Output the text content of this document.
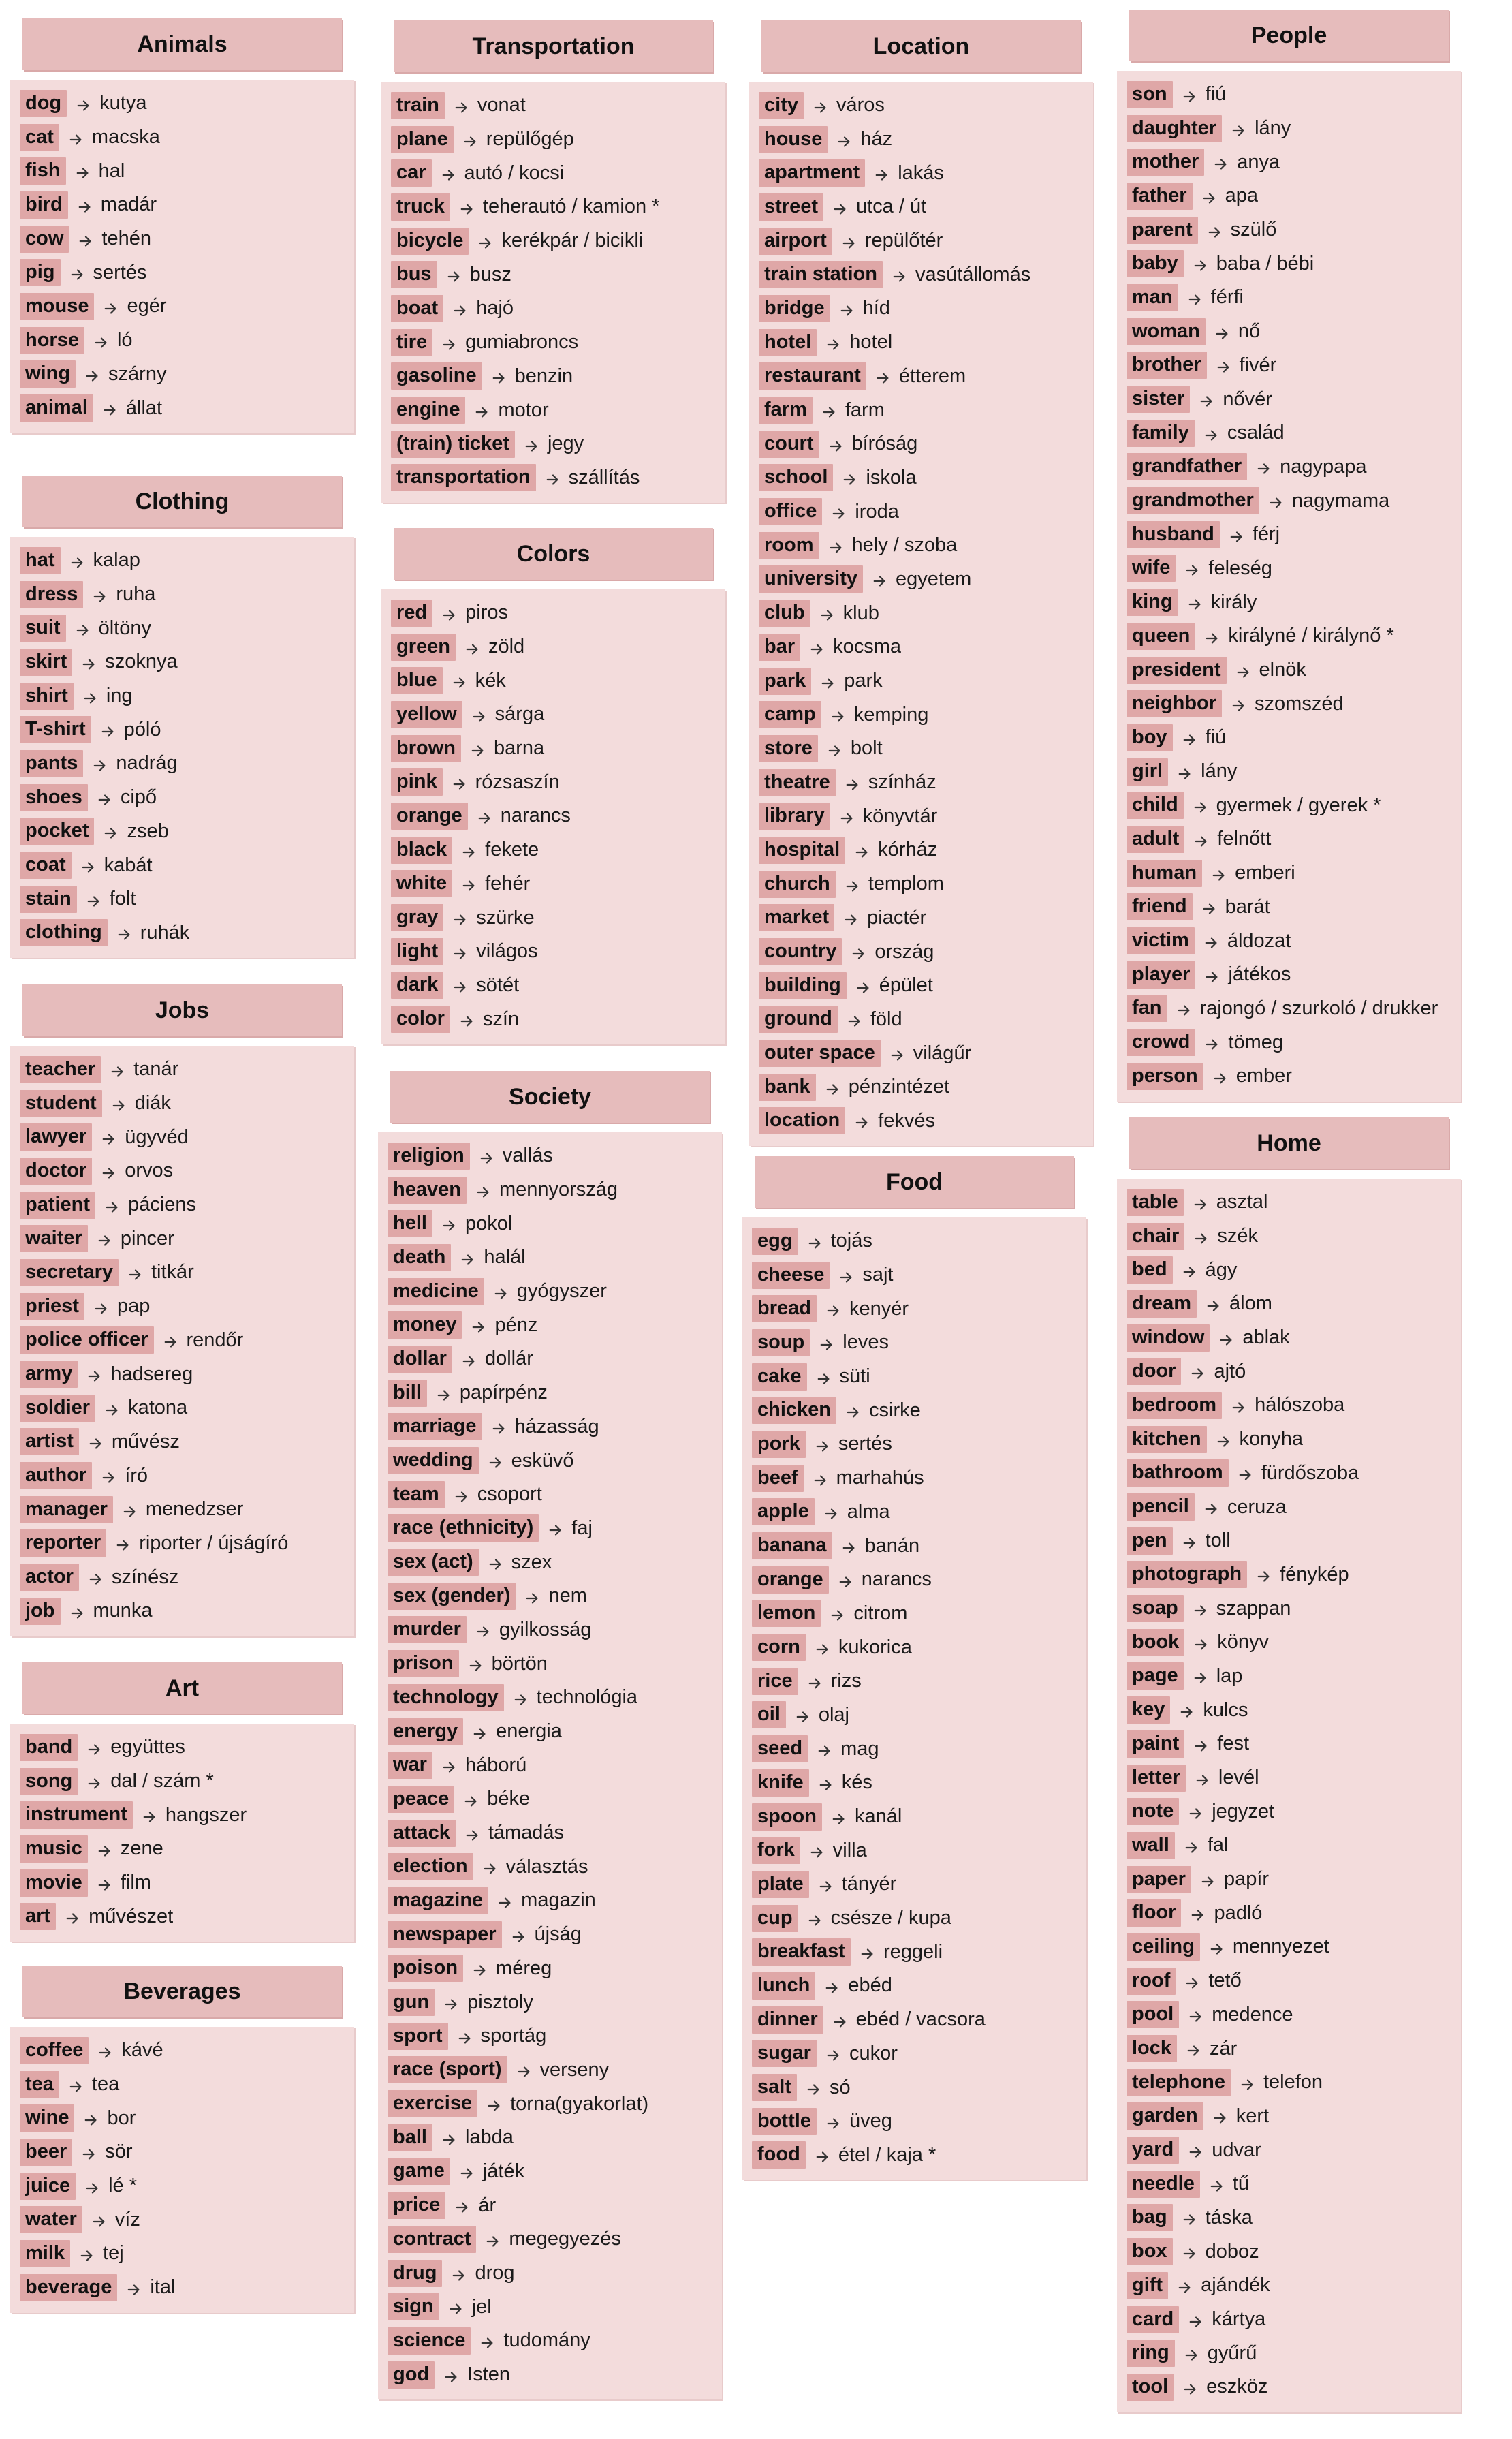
Animals
dog kutya
cat macska
fish hal
bird madár
cow tehén
pig sertés
mouse egér
horse ló
wing szárny
animal állat
Clothing
hat kalap
dress ruha
suit öltöny
skirt szoknya
shirt ing
T-shirt póló
pants nadrág
shoes cipő
pocket zseb
coat kabát
stain folt
clothing ruhák
Jobs
teacher tanár
student diák
lawyer ügyvéd
doctor orvos
patient páciens
waiter pincer
secretary titkár
priest pap
police officer rendőr
army hadsereg
soldier katona
artist művész
author író
manager menedzser
reporter riporter / újságíró
actor színész
job munka
Art
band együttes
song dal / szám *
instrument hangszer
music zene
movie film
art művészet
Beverages
coffee kávé
tea tea
wine bor
beer sör
juice lé *
water víz
milk tej
beverage ital
Transportation
train vonat
plane repülőgép
car autó / kocsi
truck teherautó / kamion *
bicycle kerékpár / bicikli
bus busz
boat hajó
tire gumiabroncs
gasoline benzin
engine motor
(train) ticket jegy
transportation szállítás
Colors
red piros
green zöld
blue kék
yellow sárga
brown barna
pink rózsaszín
orange narancs
black fekete
white fehér
gray szürke
light világos
dark sötét
color szín
Society
religion vallás
heaven mennyország
hell pokol
death halál
medicine gyógyszer
money pénz
dollar dollár
bill papírpénz
marriage házasság
wedding esküvő
team csoport
race (ethnicity) faj
sex (act) szex
sex (gender) nem
murder gyilkosság
prison börtön
technology technológia
energy energia
war háború
peace béke
attack támadás
election választás
magazine magazin
newspaper újság
poison méreg
gun pisztoly
sport sportág
race (sport) verseny
exercise torna(gyakorlat)
ball labda
game játék
price ár
contract megegyezés
drug drog
sign jel
science tudomány
god Isten
Location
city város
house ház
apartment lakás
street utca / út
airport repülőtér
train station vasútállomás
bridge híd
hotel hotel
restaurant étterem
farm farm
court bíróság
school iskola
office iroda
room hely / szoba
university egyetem
club klub
bar kocsma
park park
camp kemping
store bolt
theatre színház
library könyvtár
hospital kórház
church templom
market piactér
country ország
building épület
ground föld
outer space világűr
bank pénzintézet
location fekvés
Food
egg tojás
cheese sajt
bread kenyér
soup leves
cake süti
chicken csirke
pork sertés
beef marhahús
apple alma
banana banán
orange narancs
lemon citrom
corn kukorica
rice rizs
oil olaj
seed mag
knife kés
spoon kanál
fork villa
plate tányér
cup csésze / kupa
breakfast reggeli
lunch ebéd
dinner ebéd / vacsora
sugar cukor
salt só
bottle üveg
food étel / kaja *
People
son fiú
daughter lány
mother anya
father apa
parent szülő
baby baba / bébi
man férfi
woman nő
brother fivér
sister nővér
family család
grandfather nagypapa
grandmother nagymama
husband férj
wife feleség
king király
queen királyné / királynő *
president elnök
neighbor szomszéd
boy fiú
girl lány
child gyermek / gyerek *
adult felnőtt
human emberi
friend barát
victim áldozat
player játékos
fan rajongó / szurkoló / drukker
crowd tömeg
person ember
Home
table asztal
chair szék
bed ágy
dream álom
window ablak
door ajtó
bedroom hálószoba
kitchen konyha
bathroom fürdőszoba
pencil ceruza
pen toll
photograph fénykép
soap szappan
book könyv
page lap
key kulcs
paint fest
letter levél
note jegyzet
wall fal
paper papír
floor padló
ceiling mennyezet
roof tető
pool medence
lock zár
telephone telefon
garden kert
yard udvar
needle tű
bag táska
box doboz
gift ajándék
card kártya
ring gyűrű
tool eszköz
